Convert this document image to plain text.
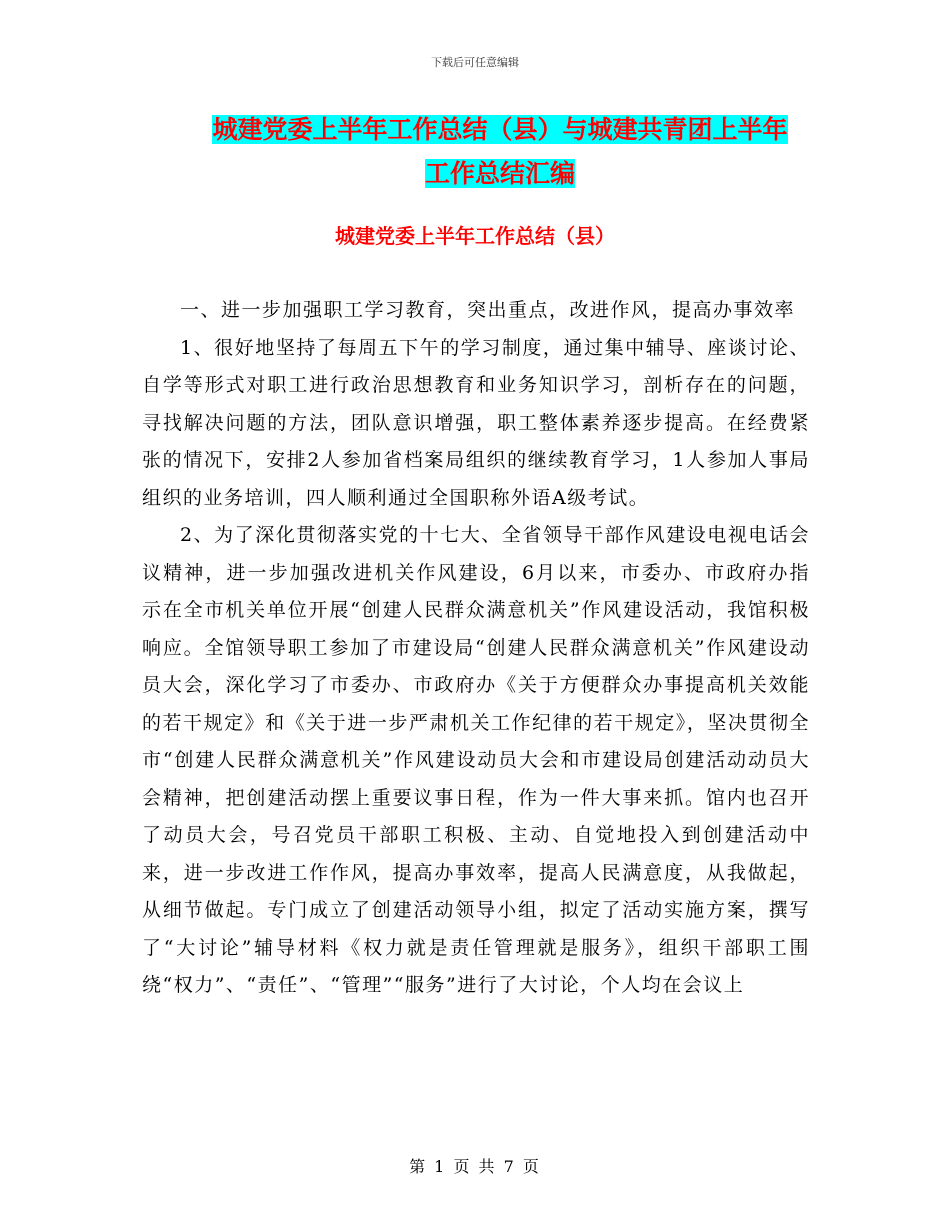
下载后可任意编辑
城建党委上半年工作总结（县）与城建共青团上半年
工作总结汇编
城建党委上半年工作总结（县）

一、进一步加强职工学习教育，突出重点，改进作风，提高办事效率

1、很好地坚持了每周五下午的学习制度，通过集中辅导、座谈讨论、自学等形式对职工进行政治思想教育和业务知识学习，剖析存在的问题，寻找解决问题的方法，团队意识增强，职工整体素养逐步提高。在经费紧张的情况下，安排2人参加省档案局组织的继续教育学习，1人参加人事局组织的业务培训，四人顺利通过全国职称外语A级考试。

2、为了深化贯彻落实党的十七大、全省领导干部作风建设电视电话会议精神，进一步加强改进机关作风建设，6月以来，市委办、市政府办指示在全市机关单位开展“创建人民群众满意机关”作风建设活动，我馆积极响应。全馆领导职工参加了市建设局“创建人民群众满意机关”作风建设动员大会，深化学习了市委办、市政府办《关于方便群众办事提高机关效能的若干规定》和《关于进一步严肃机关工作纪律的若干规定》，坚决贯彻全市“创建人民群众满意机关”作风建设动员大会和市建设局创建活动动员大会精神，把创建活动摆上重要议事日程，作为一件大事来抓。馆内也召开了动员大会，号召党员干部职工积极、主动、自觉地投入到创建活动中来，进一步改进工作作风，提高办事效率，提高人民满意度，从我做起，从细节做起。专门成立了创建活动领导小组，拟定了活动实施方案，撰写了“大讨论”辅导材料《权力就是责任管理就是服务》，组织干部职工围绕“权力”、“责任”、“管理”“服务”进行了大讨论，个人均在会议上

第 1 页 共 7 页
